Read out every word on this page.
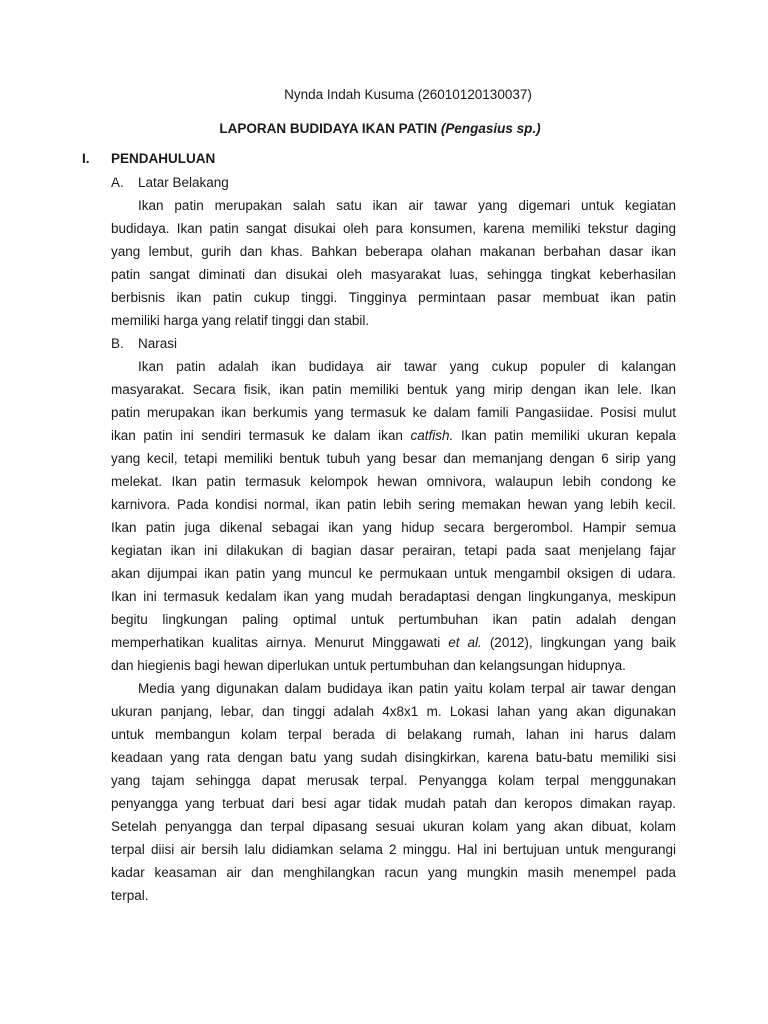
Nynda Indah Kusuma (26010120130037)
LAPORAN BUDIDAYA IKAN PATIN (Pengasius sp.)
I. PENDAHULUAN
A. Latar Belakang
Ikan patin merupakan salah satu ikan air tawar yang digemari untuk kegiatan
budidaya. Ikan patin sangat disukai oleh para konsumen, karena memiliki tekstur daging
yang lembut, gurih dan khas. Bahkan beberapa olahan makanan berbahan dasar ikan
patin sangat diminati dan disukai oleh masyarakat luas, sehingga tingkat keberhasilan
berbisnis ikan patin cukup tinggi. Tingginya permintaan pasar membuat ikan patin
memiliki harga yang relatif tinggi dan stabil.
B. Narasi
Ikan patin adalah ikan budidaya air tawar yang cukup populer di kalangan
masyarakat. Secara fisik, ikan patin memiliki bentuk yang mirip dengan ikan lele. Ikan
patin merupakan ikan berkumis yang termasuk ke dalam famili Pangasiidae. Posisi mulut
ikan patin ini sendiri termasuk ke dalam ikan catfish. Ikan patin memiliki ukuran kepala
yang kecil, tetapi memiliki bentuk tubuh yang besar dan memanjang dengan 6 sirip yang
melekat. Ikan patin termasuk kelompok hewan omnivora, walaupun lebih condong ke
karnivora. Pada kondisi normal, ikan patin lebih sering memakan hewan yang lebih kecil.
Ikan patin juga dikenal sebagai ikan yang hidup secara bergerombol. Hampir semua
kegiatan ikan ini dilakukan di bagian dasar perairan, tetapi pada saat menjelang fajar
akan dijumpai ikan patin yang muncul ke permukaan untuk mengambil oksigen di udara.
Ikan ini termasuk kedalam ikan yang mudah beradaptasi dengan lingkunganya, meskipun
begitu lingkungan paling optimal untuk pertumbuhan ikan patin adalah dengan
memperhatikan kualitas airnya. Menurut Minggawati et al. (2012), lingkungan yang baik
dan hiegienis bagi hewan diperlukan untuk pertumbuhan dan kelangsungan hidupnya.
Media yang digunakan dalam budidaya ikan patin yaitu kolam terpal air tawar dengan
ukuran panjang, lebar, dan tinggi adalah 4x8x1 m. Lokasi lahan yang akan digunakan
untuk membangun kolam terpal berada di belakang rumah, lahan ini harus dalam
keadaan yang rata dengan batu yang sudah disingkirkan, karena batu-batu memiliki sisi
yang tajam sehingga dapat merusak terpal. Penyangga kolam terpal menggunakan
penyangga yang terbuat dari besi agar tidak mudah patah dan keropos dimakan rayap.
Setelah penyangga dan terpal dipasang sesuai ukuran kolam yang akan dibuat, kolam
terpal diisi air bersih lalu didiamkan selama 2 minggu. Hal ini bertujuan untuk mengurangi
kadar keasaman air dan menghilangkan racun yang mungkin masih menempel pada
terpal.
